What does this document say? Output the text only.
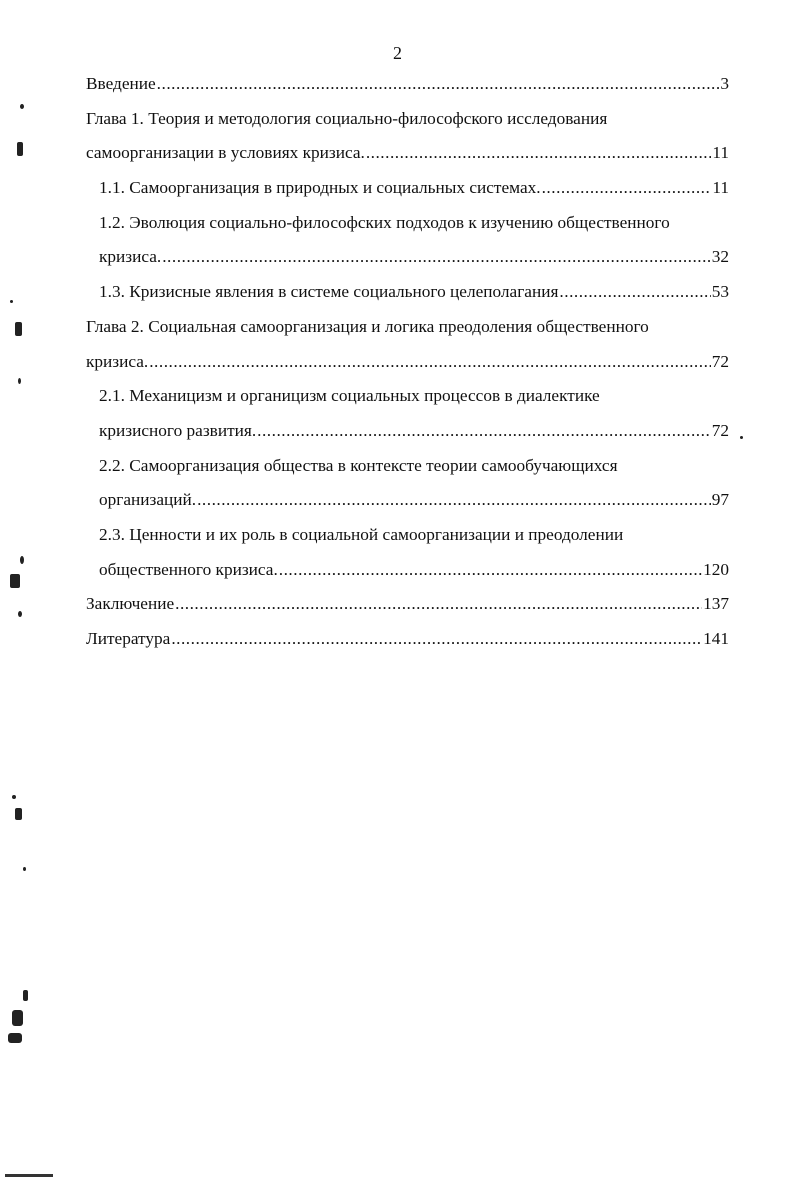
2
Введение .....	3
Глава 1. Теория и методология социально-философского исследования
самоорганизации в условиях кризиса. .....	11
1.1. Самоорганизация в природных и социальных системах. .....	11
1.2. Эволюция социально-философских подходов к изучению общественного
кризиса. .....	32
1.3. Кризисные явления в системе социального целеполагания .....	53
Глава 2. Социальная самоорганизация и логика преодоления общественного
кризиса. .....	72
2.1. Механицизм и органицизм социальных процессов в диалектике
кризисного развития. .....	72
2.2. Самоорганизация общества в контексте теории самообучающихся
организаций. .....	97
2.3. Ценности и их роль в социальной самоорганизации и преодолении
общественного кризиса. .....	120
Заключение .....	137
Литература .....	141
